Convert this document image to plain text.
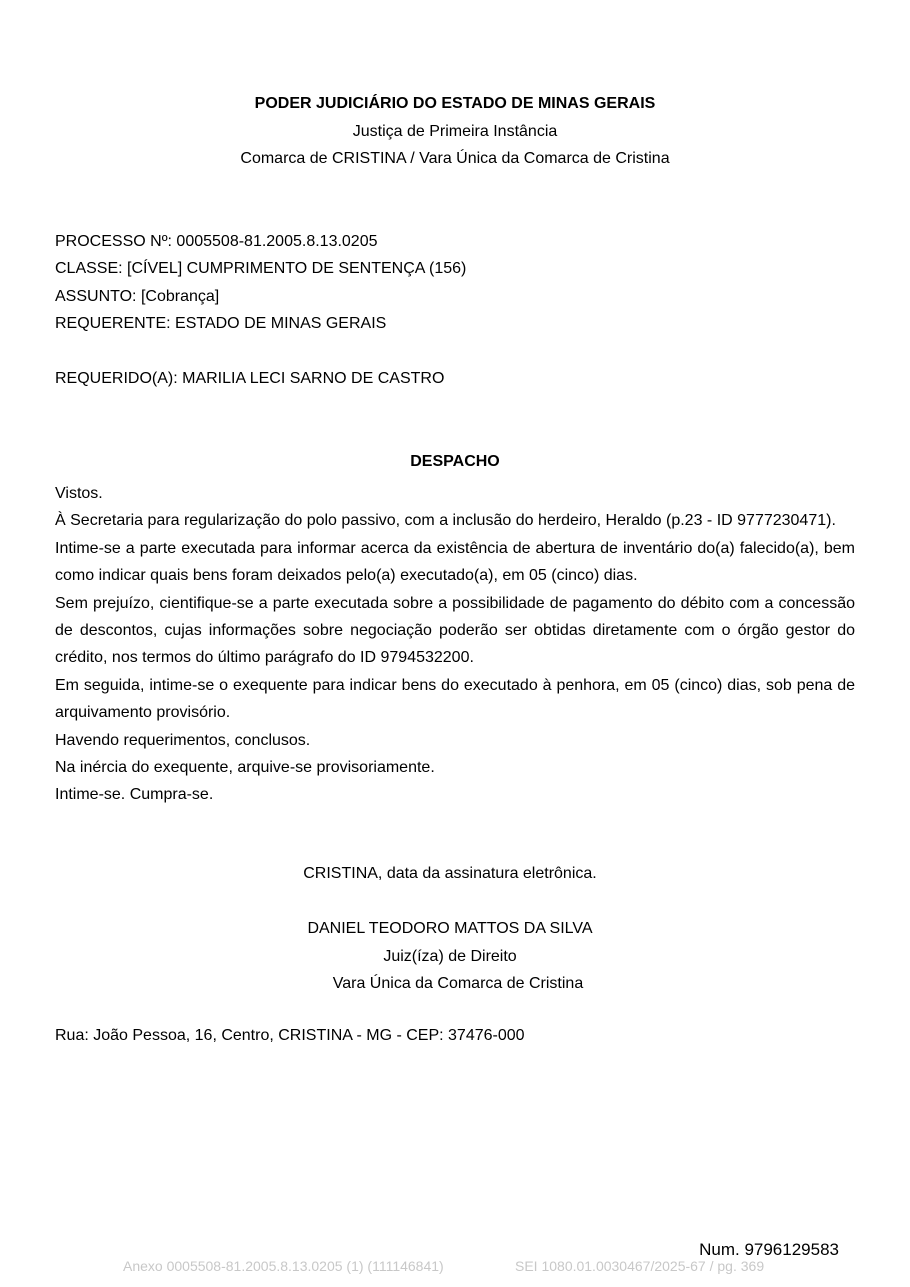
PODER JUDICIÁRIO DO ESTADO DE MINAS GERAIS
Justiça de Primeira Instância
Comarca de CRISTINA / Vara Única da Comarca de Cristina
PROCESSO Nº: 0005508-81.2005.8.13.0205
CLASSE: [CÍVEL] CUMPRIMENTO DE SENTENÇA (156)
ASSUNTO: [Cobrança]
REQUERENTE: ESTADO DE MINAS GERAIS
REQUERIDO(A): MARILIA LECI SARNO DE CASTRO
DESPACHO

Vistos.

À Secretaria para regularização do polo passivo, com a inclusão do herdeiro, Heraldo (p.23 - ID 9777230471).

Intime-se a parte executada para informar acerca da existência de abertura de inventário do(a) falecido(a), bem como indicar quais bens foram deixados pelo(a) executado(a), em 05 (cinco) dias.

Sem prejuízo, cientifique-se a parte executada sobre a possibilidade de pagamento do débito com a concessão de descontos, cujas informações sobre negociação poderão ser obtidas diretamente com o órgão gestor do crédito, nos termos do último parágrafo do ID 9794532200.

Em seguida, intime-se o exequente para indicar bens do executado à penhora, em 05 (cinco) dias, sob pena de arquivamento provisório.

Havendo requerimentos, conclusos.

Na inércia do exequente, arquive-se provisoriamente.

Intime-se. Cumpra-se.

CRISTINA, data da assinatura eletrônica.
DANIEL TEODORO MATTOS DA SILVA
Juiz(íza) de Direito
Vara Única da Comarca de Cristina
Rua: João Pessoa, 16, Centro, CRISTINA - MG - CEP: 37476-000
Num. 9796129583
Anexo 0005508-81.2005.8.13.0205 (1) (111146841)	SEI 1080.01.0030467/2025-67 / pg. 369
